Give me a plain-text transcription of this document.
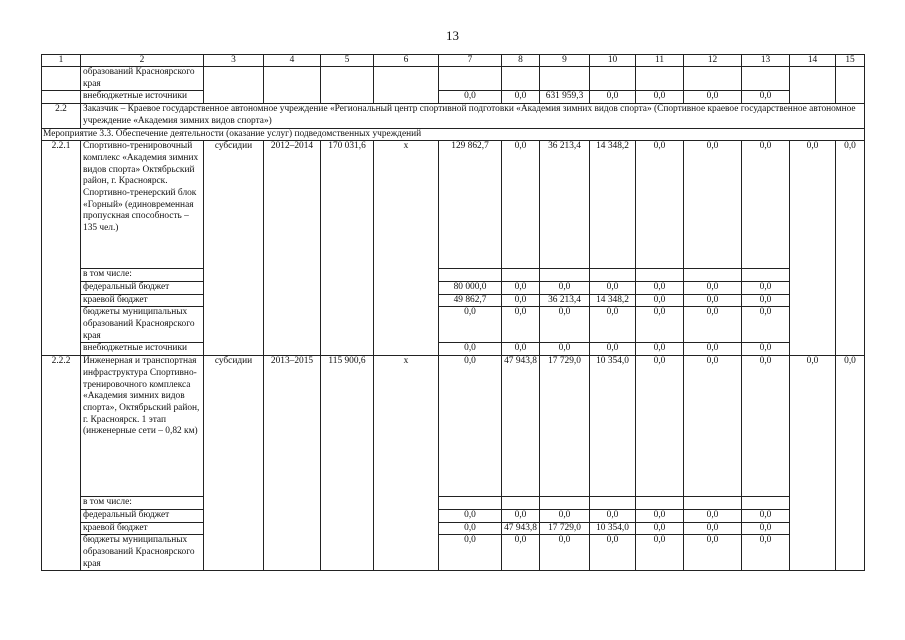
13
1	2	3	4	5	6	7	8	9	10	11	12	13	14	15
	образований Красноярского края													
	внебюджетные источники					0,0	0,0	631 959,3	0,0	0,0	0,0	0,0		
2.2	Заказчик – Краевое государственное автономное учреждение «Региональный центр спортивной подготовки «Академия зимних видов спорта» (Спортивное краевое государственное автономное учреждение «Академия зимних видов спорта»)													
Мероприятие 3.3. Обеспечение деятельности (оказание услуг) подведомственных учреждений														
2.2.1	Спортивно-тренировочный комплекс «Академия зимних видов спорта» Октябрьский район, г. Красноярск. Спортивно-тренерский блок «Горный» (единовременная пропускная способность – 135 чел.)	субсидии	2012–2014	170 031,6	х	129 862,7	0,0	36 213,4	14 348,2	0,0	0,0	0,0	0,0	0,0
	в том числе:													
	федеральный бюджет					80 000,0	0,0	0,0	0,0	0,0	0,0	0,0		
	краевой бюджет					49 862,7	0,0	36 213,4	14 348,2	0,0	0,0	0,0		
	бюджеты муниципальных образований Красноярского края					0,0	0,0	0,0	0,0	0,0	0,0	0,0		
	внебюджетные источники					0,0	0,0	0,0	0,0	0,0	0,0	0,0		
2.2.2	Инженерная и транспортная инфраструктура Спортивно-тренировочного комплекса «Академия зимних видов спорта», Октябрьский район, г. Красноярск. 1 этап (инженерные сети – 0,82 км)	субсидии	2013–2015	115 900,6	х	0,0	47 943,8	17 729,0	10 354,0	0,0	0,0	0,0	0,0	0,0
	в том числе:													
	федеральный бюджет					0,0	0,0	0,0	0,0	0,0	0,0	0,0		
	краевой бюджет					0,0	47 943,8	17 729,0	10 354,0	0,0	0,0	0,0		
	бюджеты муниципальных образований Красноярского края					0,0	0,0	0,0	0,0	0,0	0,0	0,0		
